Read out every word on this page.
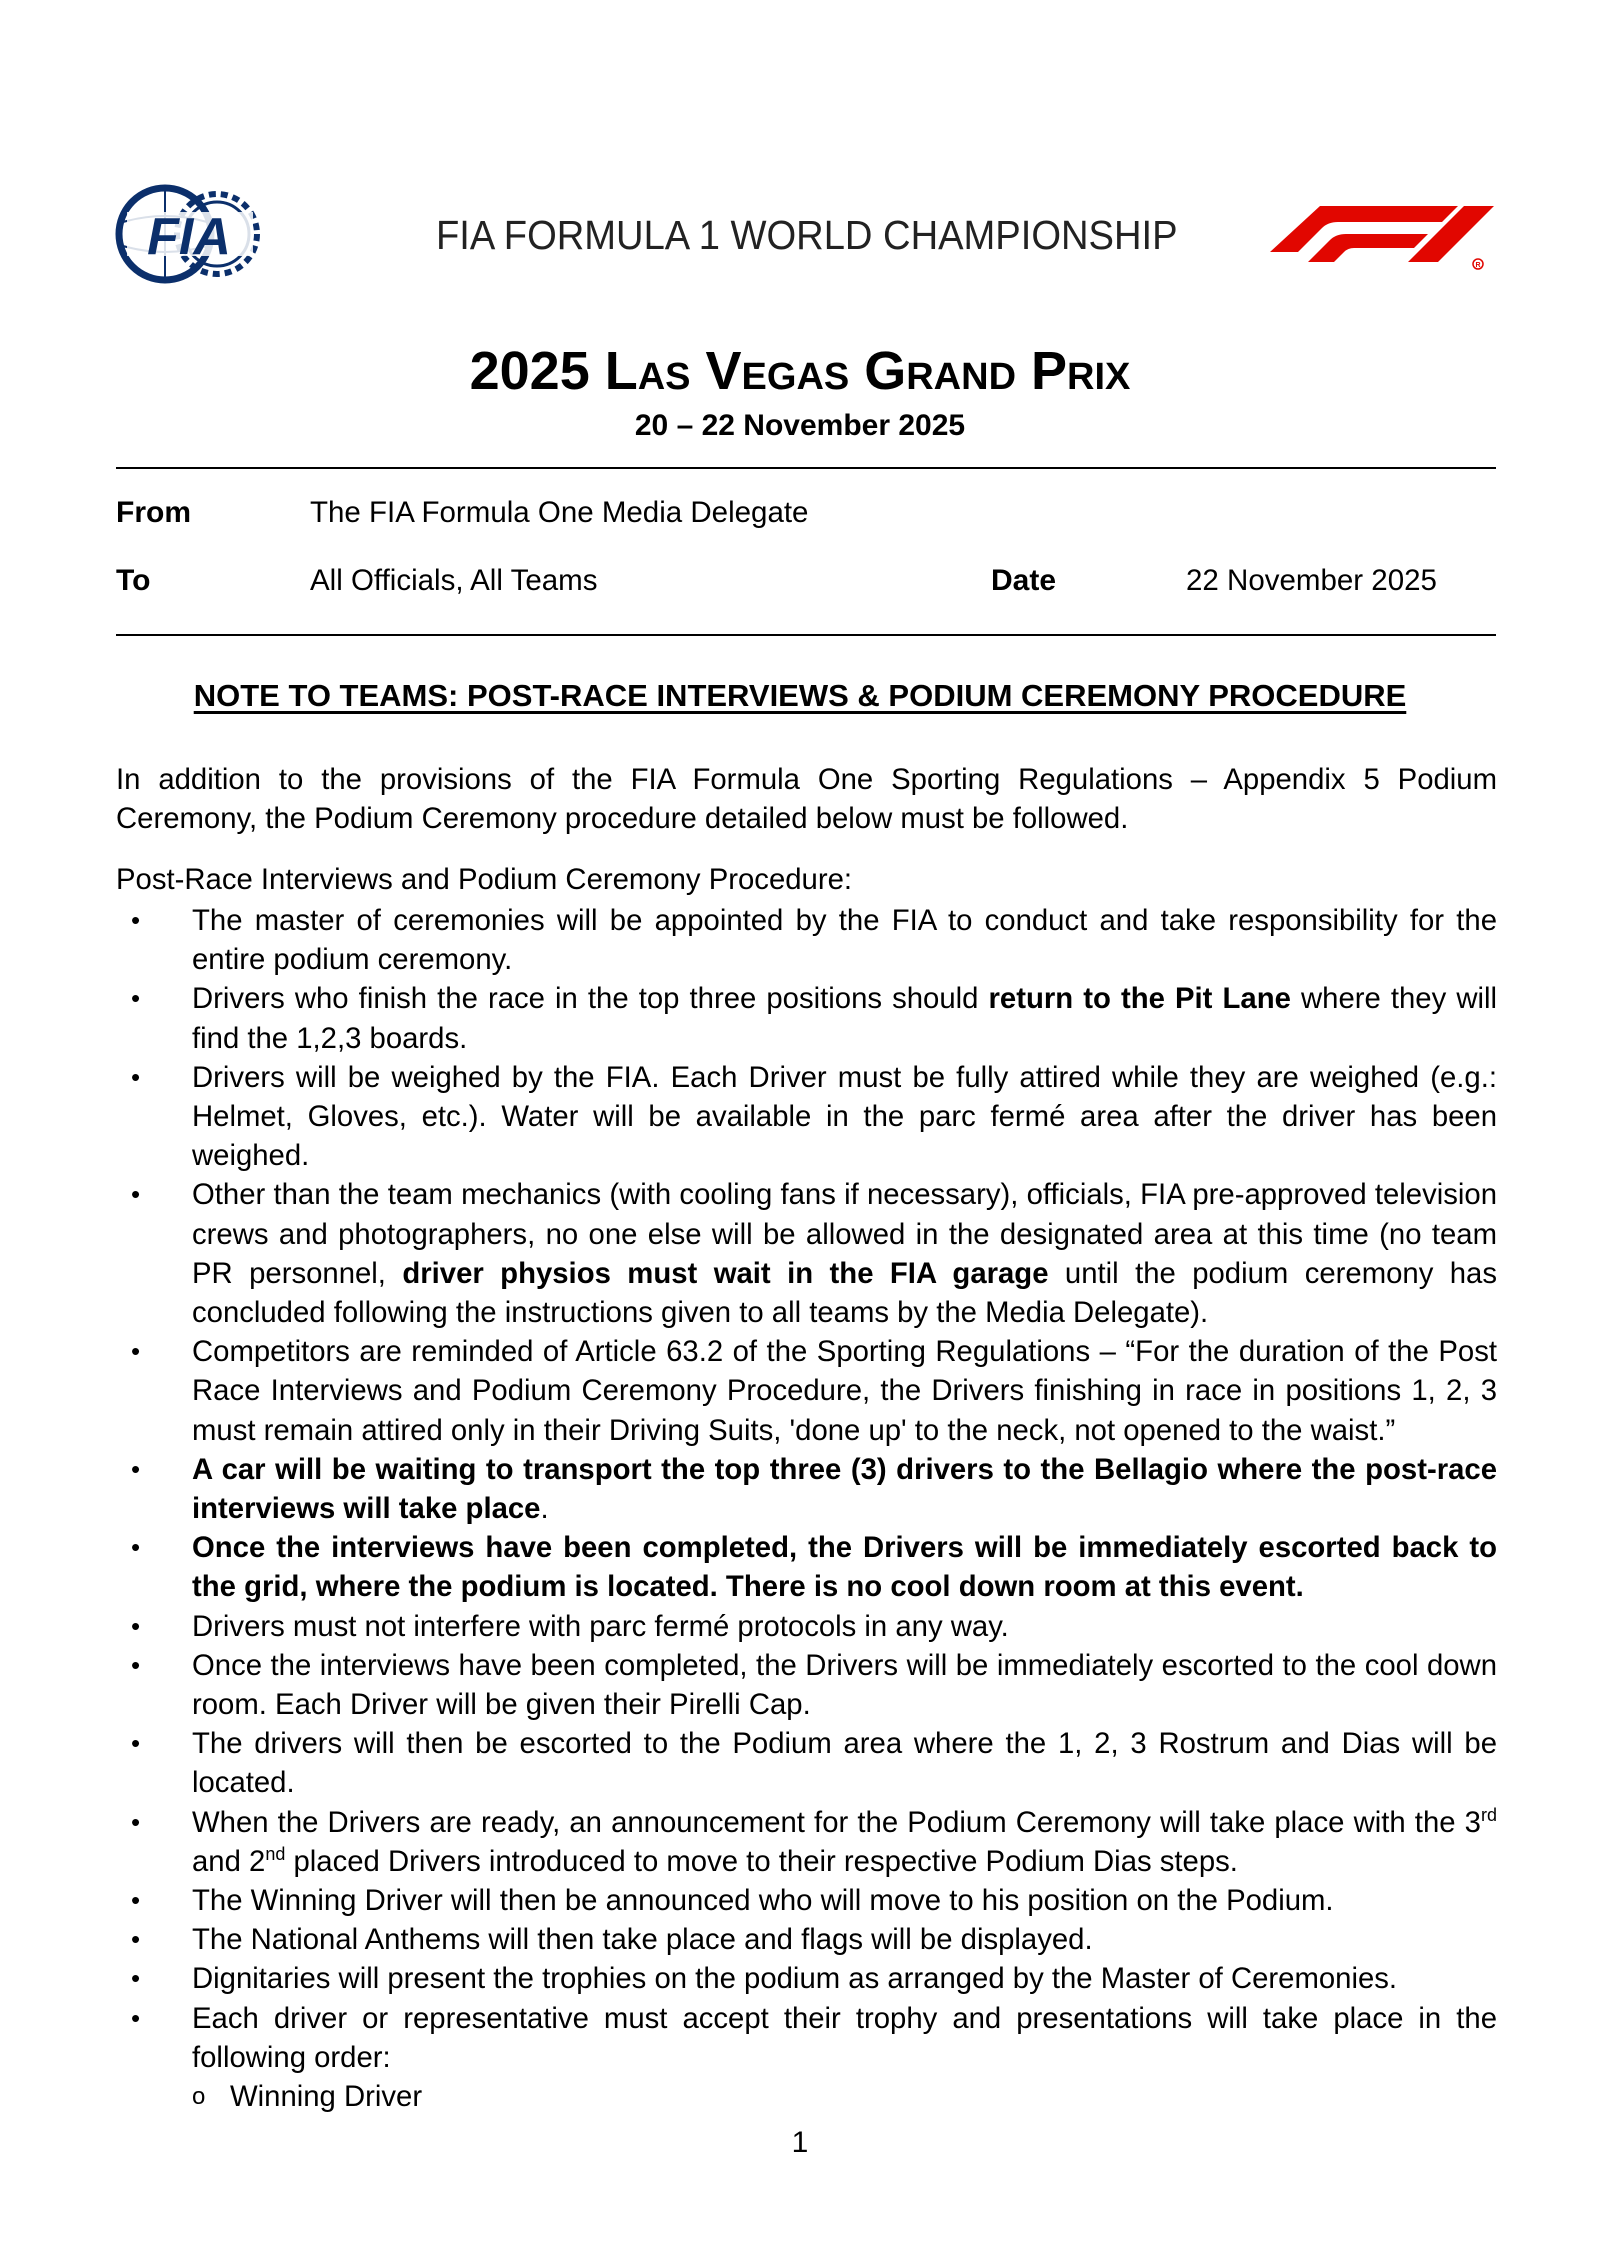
FIA	FIA FORMULA 1 WORLD CHAMPIONSHIP
R
2025 Las Vegas Grand Prix
20 – 22 November 2025
From	The FIA Formula One Media Delegate
To	All Officials, All Teams	Date	22 November 2025
NOTE TO TEAMS: POST-RACE INTERVIEWS & PODIUM CEREMONY PROCEDURE

In addition to the provisions of the FIA Formula One Sporting Regulations – Appendix 5 Podium Ceremony, the Podium Ceremony procedure detailed below must be followed.

Post-Race Interviews and Podium Ceremony Procedure:
• The master of ceremonies will be appointed by the FIA to conduct and take responsibility for the entire podium ceremony.
• Drivers who finish the race in the top three positions should return to the Pit Lane where they will find the 1,2,3 boards.
• Drivers will be weighed by the FIA. Each Driver must be fully attired while they are weighed (e.g.: Helmet, Gloves, etc.). Water will be available in the parc fermé area after the driver has been weighed.
• Other than the team mechanics (with cooling fans if necessary), officials, FIA pre-approved television crews and photographers, no one else will be allowed in the designated area at this time (no team PR personnel, driver physios must wait in the FIA garage until the podium ceremony has concluded following the instructions given to all teams by the Media Delegate).
• Competitors are reminded of Article 63.2 of the Sporting Regulations – “For the duration of the Post Race Interviews and Podium Ceremony Procedure, the Drivers finishing in race in positions 1, 2, 3 must remain attired only in their Driving Suits, 'done up' to the neck, not opened to the waist.”
• A car will be waiting to transport the top three (3) drivers to the Bellagio where the post-race interviews will take place.
• Once the interviews have been completed, the Drivers will be immediately escorted back to the grid, where the podium is located. There is no cool down room at this event.
• Drivers must not interfere with parc fermé protocols in any way.
• Once the interviews have been completed, the Drivers will be immediately escorted to the cool down room. Each Driver will be given their Pirelli Cap.
• The drivers will then be escorted to the Podium area where the 1, 2, 3 Rostrum and Dias will be located.
• When the Drivers are ready, an announcement for the Podium Ceremony will take place with the 3rd and 2nd placed Drivers introduced to move to their respective Podium Dias steps.
• The Winning Driver will then be announced who will move to his position on the Podium.
• The National Anthems will then take place and flags will be displayed.
• Dignitaries will present the trophies on the podium as arranged by the Master of Ceremonies.
• Each driver or representative must accept their trophy and presentations will take place in the following order:
o Winning Driver
1
